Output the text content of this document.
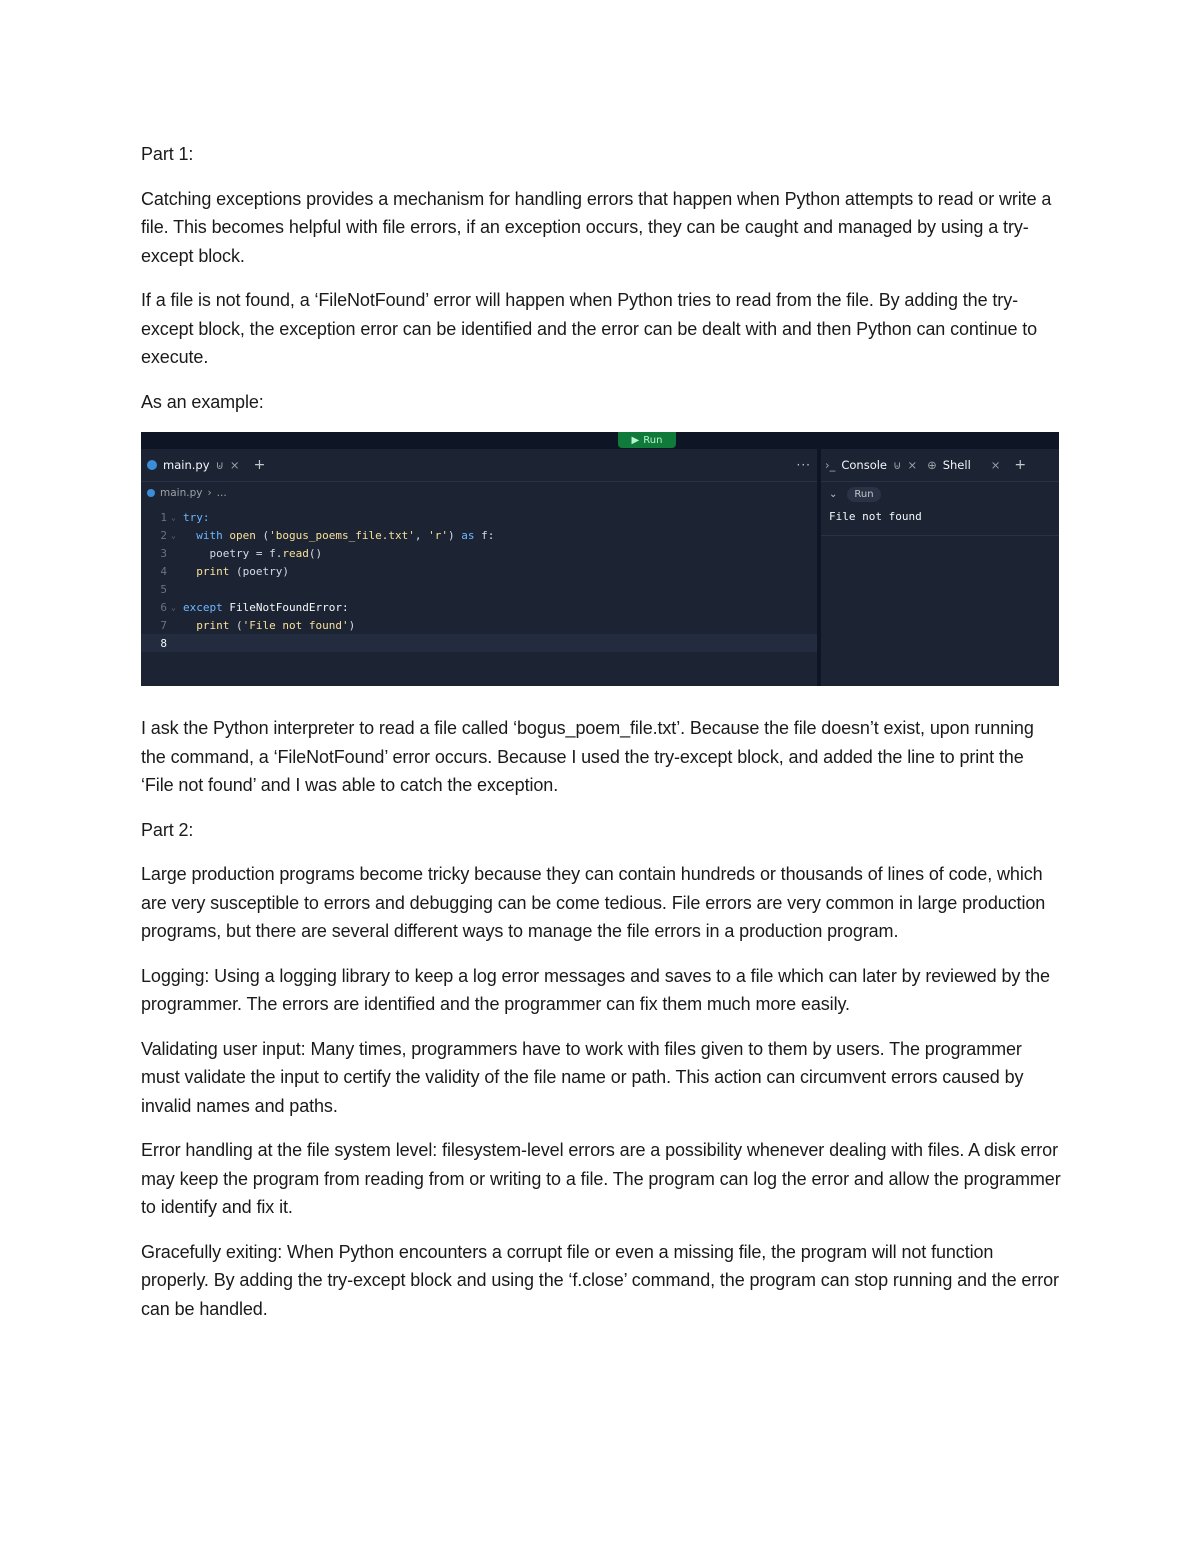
Part 1:

Catching exceptions provides a mechanism for handling errors that happen when Python attempts to read or write a file. This becomes helpful with file errors, if an exception occurs, they can be caught and managed by using a try-except block.

If a file is not found, a ‘FileNotFound’ error will happen when Python tries to read from the file. By adding the try-except block, the exception error can be identified and the error can be dealt with and then Python can continue to execute.

As an example:

▶ Run
main.py ⊍ × +	···
main.py › ...
1 ⌄ try:
2 ⌄
	with
open ( 'bogus_poems_file.txt' , 'r' ) as f:
3
	poetry = f. read ()
4
	print (poetry)
5
6 ⌄ except FileNotFoundError:
7
	print ( 'File not found' )
8
›_ Console ⊍ × ⊕ Shell × +
⌄	Run
File not found

I ask the Python interpreter to read a file called ‘bogus_poem_file.txt’. Because the file doesn’t exist, upon running the command, a ‘FileNotFound’ error occurs. Because I used the try-except block, and added the line to print the ‘File not found’ and I was able to catch the exception.

Part 2:

Large production programs become tricky because they can contain hundreds or thousands of lines of code, which are very susceptible to errors and debugging can be come tedious. File errors are very common in large production programs, but there are several different ways to manage the file errors in a production program.

Logging: Using a logging library to keep a log error messages and saves to a file which can later by reviewed by the programmer. The errors are identified and the programmer can fix them much more easily.

Validating user input: Many times, programmers have to work with files given to them by users. The programmer must validate the input to certify the validity of the file name or path. This action can circumvent errors caused by invalid names and paths.

Error handling at the file system level: filesystem-level errors are a possibility whenever dealing with files. A disk error may keep the program from reading from or writing to a file. The program can log the error and allow the programmer to identify and fix it.

Gracefully exiting: When Python encounters a corrupt file or even a missing file, the program will not function properly. By adding the try-except block and using the ‘f.close’ command, the program can stop running and the error can be handled.
